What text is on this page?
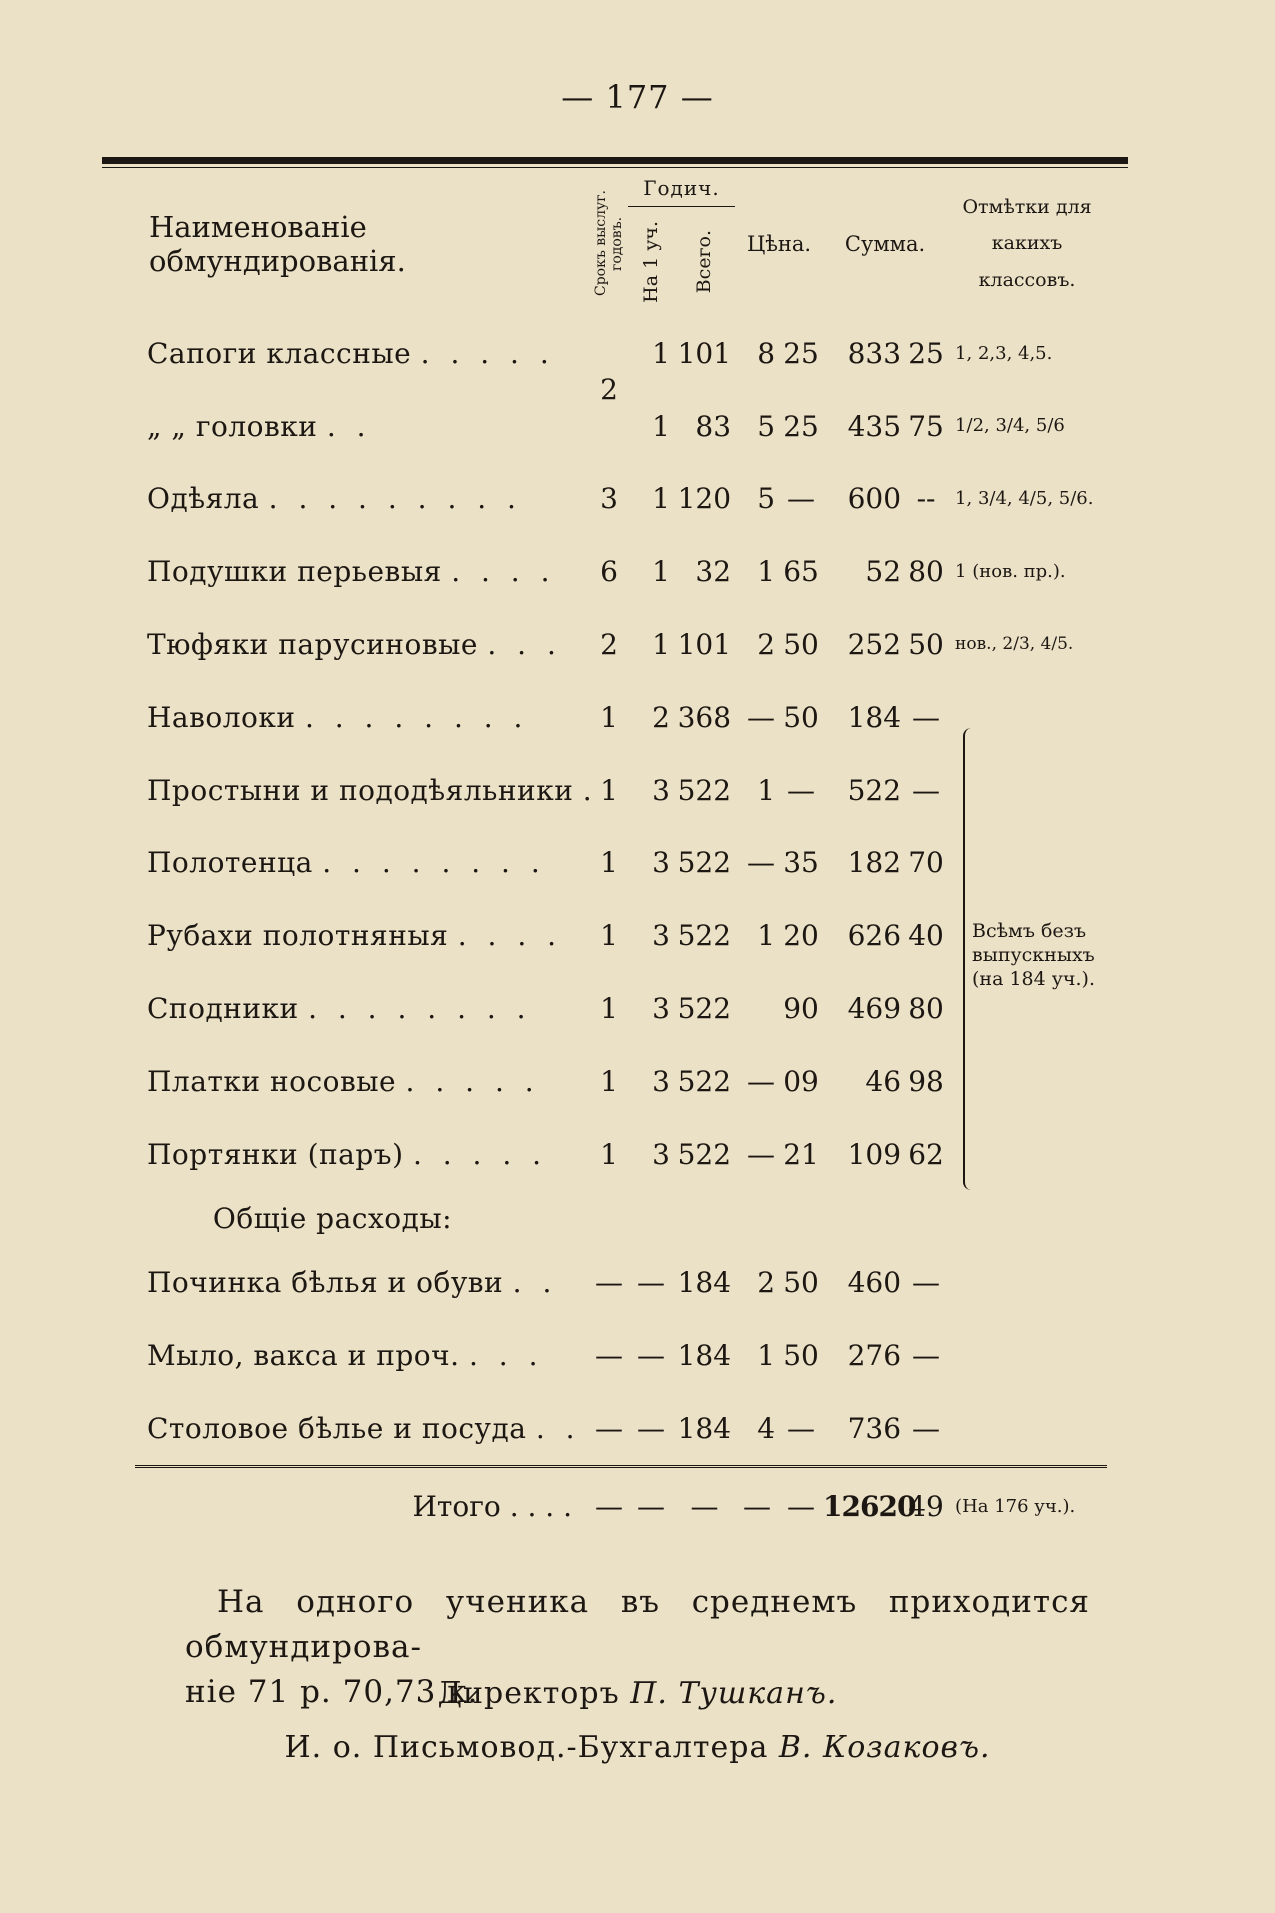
— 177 —
Наименованіе обмундированія.	Срокъ выслуг. годовъ.	Годич.		Цѣна.		Сумма.		Отмѣтки для какихъ классовъ.

		На 1 уч.	Всего.					

Сапоги классные . . . . .	2	1	101	8	25	833	25	1, 2,3, 4,5.
„ „ головки . .		1	83	5	25	435	75	1/2, 3/4, 5/6
Одѣяла . . . . . . . . .	3	1	120	5	—	600	--	1, 3/4, 4/5, 5/6.
Подушки перьевыя . . . .	6	1	32	1	65	52	80	1 (нов. пр.).
Тюфяки парусиновые . . .	2	1	101	2	50	252	50	нов., 2/3, 4/5.
Наволоки . . . . . . . .	1	2	368	—	50	184	—	
Простыни и пододѣяльники .	1	3	522	1	—	522	—	
Полотенца . . . . . . . .	1	3	522	—	35	182	70	
Рубахи полотняныя . . . .	1	3	522	1	20	626	40	
Сподники . . . . . . . .	1	3	522		90	469	80	
Платки носовые . . . . .	1	3	522	—	09	46	98	
Портянки (паръ) . . . . .	1	3	522	—	21	109	62	
Общіе расходы:								
Починка бѣлья и обуви . .	—	—	184	2	50	460	—	
Мыло, вакса и проч. . . .	—	—	184	1	50	276	—	
Столовое бѣлье и посуда . .	—	—	184	4	—	736	—	
Итого . . . .	—	—	—	—	—	12620	49	(На 176 уч.).
Всѣмъ безъ выпускныхъ (на 184 уч.).
На одного ученика въ среднемъ приходится обмундирова-
ніе 71 р. 70,73 к.
Директоръ П. Тушканъ.
И. о. Письмовод.-Бухгалтера В. Козаковъ.
